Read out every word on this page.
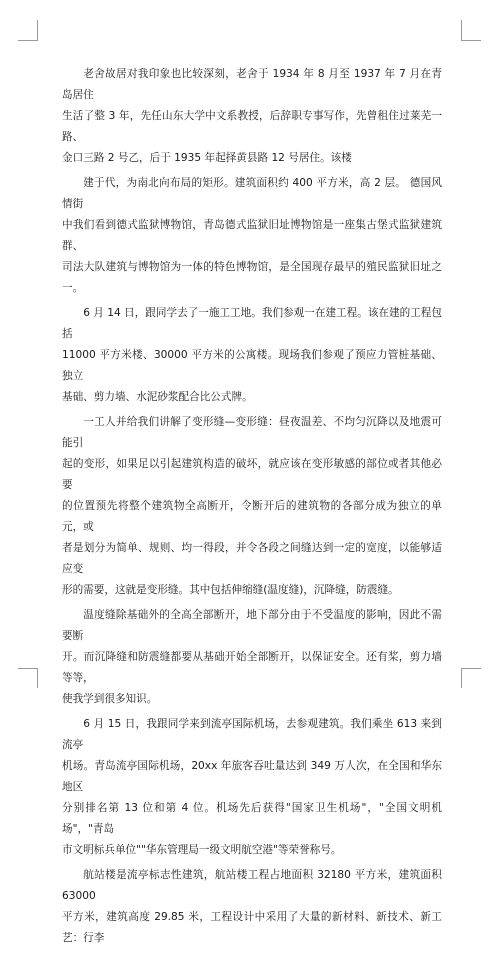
老舍故居对我印象也比较深刻，老舍于 1934 年 8 月至 1937 年 7 月在青岛居住
生活了整 3 年，先任山东大学中文系教授，后辞职专事写作，先曾租住过莱芜一路、
金口三路 2 号乙，后于 1935 年起择黄县路 12 号居住。该楼

建于代，为南北向布局的矩形。建筑面积约 400 平方米，高 2 层。 德国风情街
中我们看到德式监狱博物馆，青岛德式监狱旧址博物馆是一座集古堡式监狱建筑群、
司法大队建筑与博物馆为一体的特色博物馆，是全国现存最早的殖民监狱旧址之一。

6 月 14 日，跟同学去了一施工工地。我们参观一在建工程。该在建的工程包括
11000 平方米楼、30000 平方米的公寓楼。现场我们参观了预应力管桩基础、独立
基础、剪力墙、水泥砂浆配合比公式牌。

一工人并给我们讲解了变形缝—变形缝：昼夜温差、不均匀沉降以及地震可能引
起的变形，如果足以引起建筑构造的破坏，就应该在变形敏感的部位或者其他必要
的位置预先将整个建筑物全高断开，令断开后的建筑物的各部分成为独立的单元，或
者是划分为简单、规则、均一得段，并令各段之间缝达到一定的宽度，以能够适应变
形的需要，这就是变形缝。其中包括伸缩缝(温度缝)，沉降缝，防震缝。

温度缝除基础外的全高全部断开，地下部分由于不受温度的影响，因此不需要断
开。而沉降缝和防震缝都要从基础开始全部断开，以保证安全。还有桨，剪力墙等等，
使我学到很多知识。

6 月 15 日，我跟同学来到流亭国际机场，去参观建筑。我们乘坐 613 来到流亭
机场。青岛流亭国际机场，20xx 年旅客吞吐量达到 349 万人次，在全国和华东地区
分别排名第 13 位和第 4 位。机场先后获得"国家卫生机场"，"全国文明机场"，"青岛
市文明标兵单位""华东管理局一级文明航空港"等荣誉称号。

航站楼是流亭标志性建筑，航站楼工程占地面积 32180 平方米，建筑面积 63000
平方米，建筑高度 29.85 米，工程设计中采用了大量的新材料、新技术、新工艺：行李
